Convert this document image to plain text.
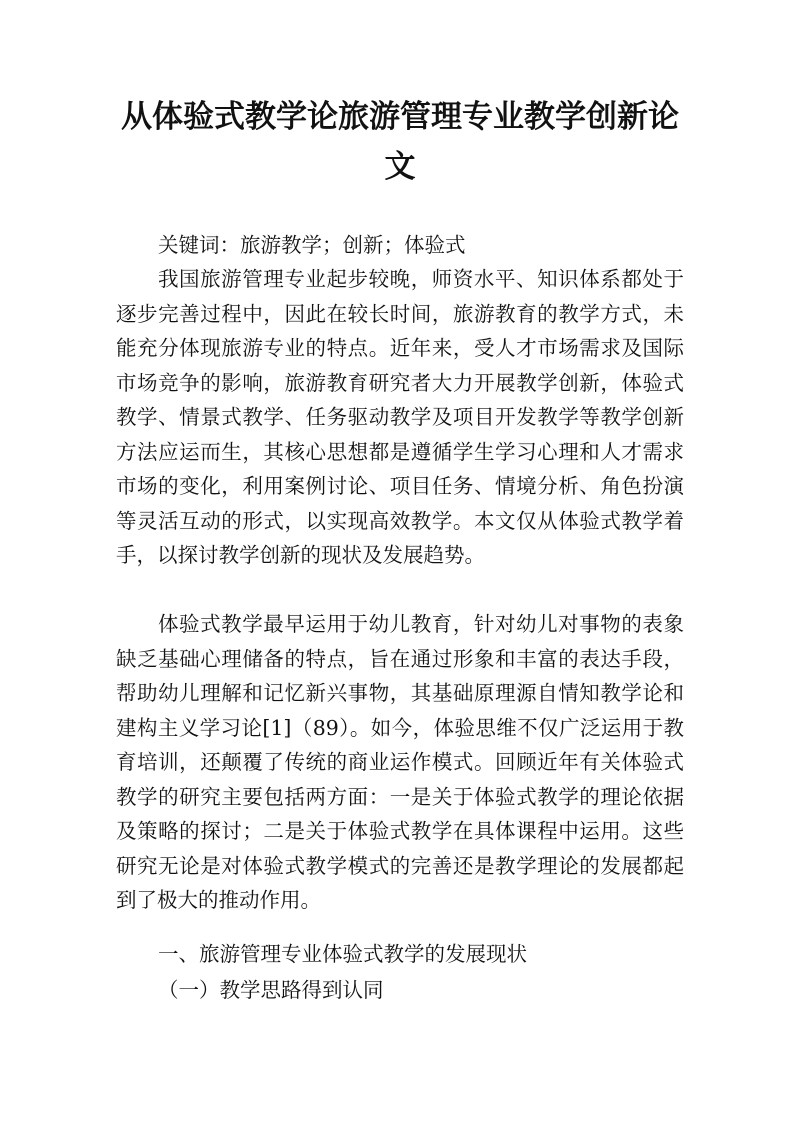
从体验式教学论旅游管理专业教学创新论文

关键词：旅游教学；创新；体验式

我国旅游管理专业起步较晚，师资水平、知识体系都处于逐步完善过程中，因此在较长时间，旅游教育的教学方式，未能充分体现旅游专业的特点。近年来，受人才市场需求及国际市场竞争的影响，旅游教育研究者大力开展教学创新，体验式教学、情景式教学、任务驱动教学及项目开发教学等教学创新方法应运而生，其核心思想都是遵循学生学习心理和人才需求市场的变化，利用案例讨论、项目任务、情境分析、角色扮演等灵活互动的形式，以实现高效教学。本文仅从体验式教学着手，以探讨教学创新的现状及发展趋势。

体验式教学最早运用于幼儿教育，针对幼儿对事物的表象缺乏基础心理储备的特点，旨在通过形象和丰富的表达手段，帮助幼儿理解和记忆新兴事物，其基础原理源自情知教学论和建构主义学习论[1]（89）。如今，体验思维不仅广泛运用于教育培训，还颠覆了传统的商业运作模式。回顾近年有关体验式教学的研究主要包括两方面：一是关于体验式教学的理论依据及策略的探讨；二是关于体验式教学在具体课程中运用。这些研究无论是对体验式教学模式的完善还是教学理论的发展都起到了极大的推动作用。

一、旅游管理专业体验式教学的发展现状

（一）教学思路得到认同
